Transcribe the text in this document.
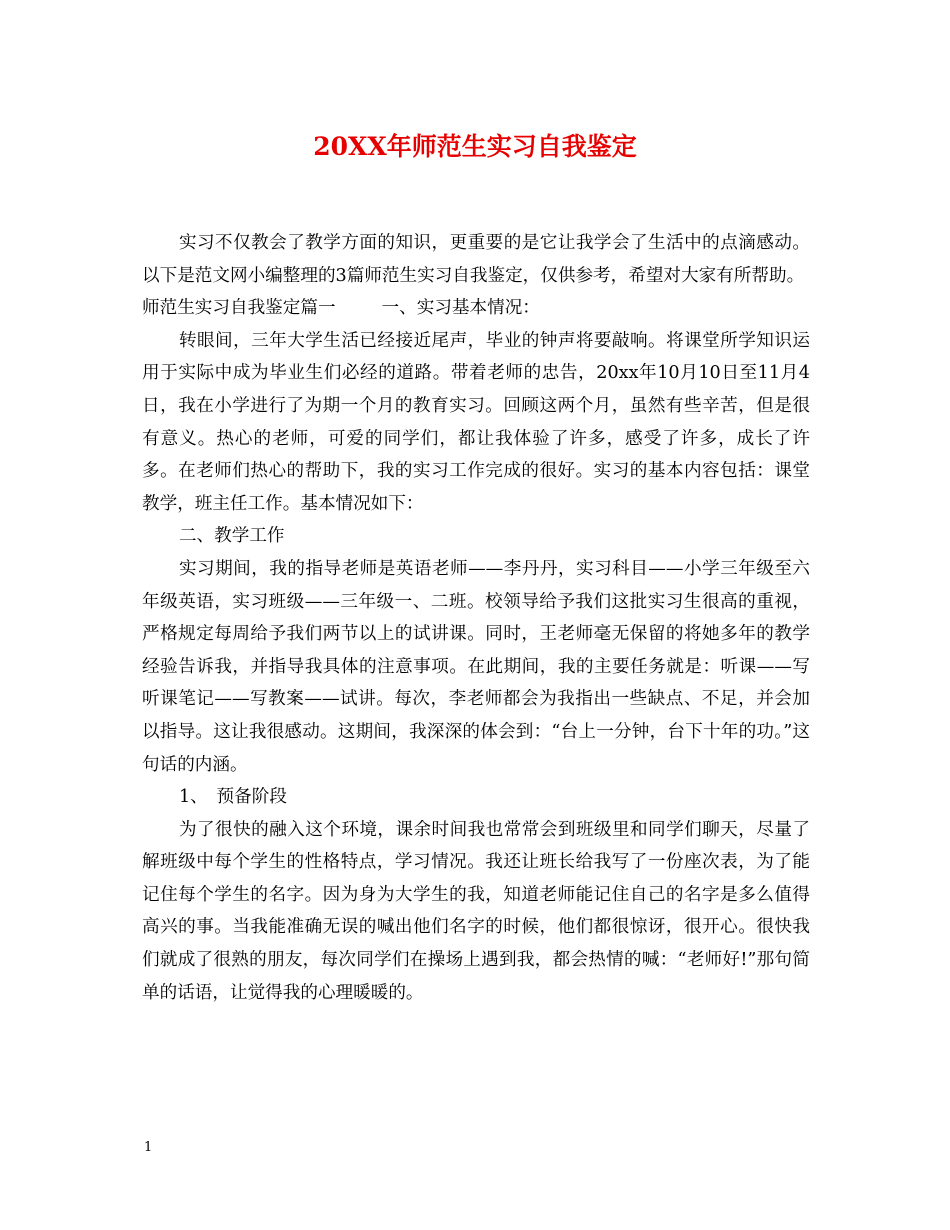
20XX年师范生实习自我鉴定

实习不仅教会了教学方面的知识，更重要的是它让我学会了生活中的点滴感动。以下是范文网小编整理的3篇师范生实习自我鉴定，仅供参考，希望对大家有所帮助。

师范生实习自我鉴定篇一	一、实习基本情况：

转眼间，三年大学生活已经接近尾声，毕业的钟声将要敲响。将课堂所学知识运用于实际中成为毕业生们必经的道路。带着老师的忠告，20xx年10月10日至11月4日，我在小学进行了为期一个月的教育实习。回顾这两个月，虽然有些辛苦，但是很有意义。热心的老师，可爱的同学们，都让我体验了许多，感受了许多，成长了许多。在老师们热心的帮助下，我的实习工作完成的很好。实习的基本内容包括：课堂教学，班主任工作。基本情况如下：

二、教学工作

实习期间，我的指导老师是英语老师——李丹丹，实习科目——小学三年级至六年级英语，实习班级——三年级一、二班。校领导给予我们这批实习生很高的重视，严格规定每周给予我们两节以上的试讲课。同时，王老师毫无保留的将她多年的教学经验告诉我，并指导我具体的注意事项。在此期间，我的主要任务就是：听课——写听课笔记——写教案——试讲。每次，李老师都会为我指出一些缺点、不足，并会加以指导。这让我很感动。这期间，我深深的体会到：“台上一分钟，台下十年的功。”这句话的内涵。

1、　预备阶段

为了很快的融入这个环境，课余时间我也常常会到班级里和同学们聊天，尽量了解班级中每个学生的性格特点，学习情况。我还让班长给我写了一份座次表，为了能记住每个学生的名字。因为身为大学生的我，知道老师能记住自己的名字是多么值得高兴的事。当我能准确无误的喊出他们名字的时候，他们都很惊讶，很开心。很快我们就成了很熟的朋友，每次同学们在操场上遇到我，都会热情的喊：“老师好!”那句简单的话语，让觉得我的心理暖暖的。

1
